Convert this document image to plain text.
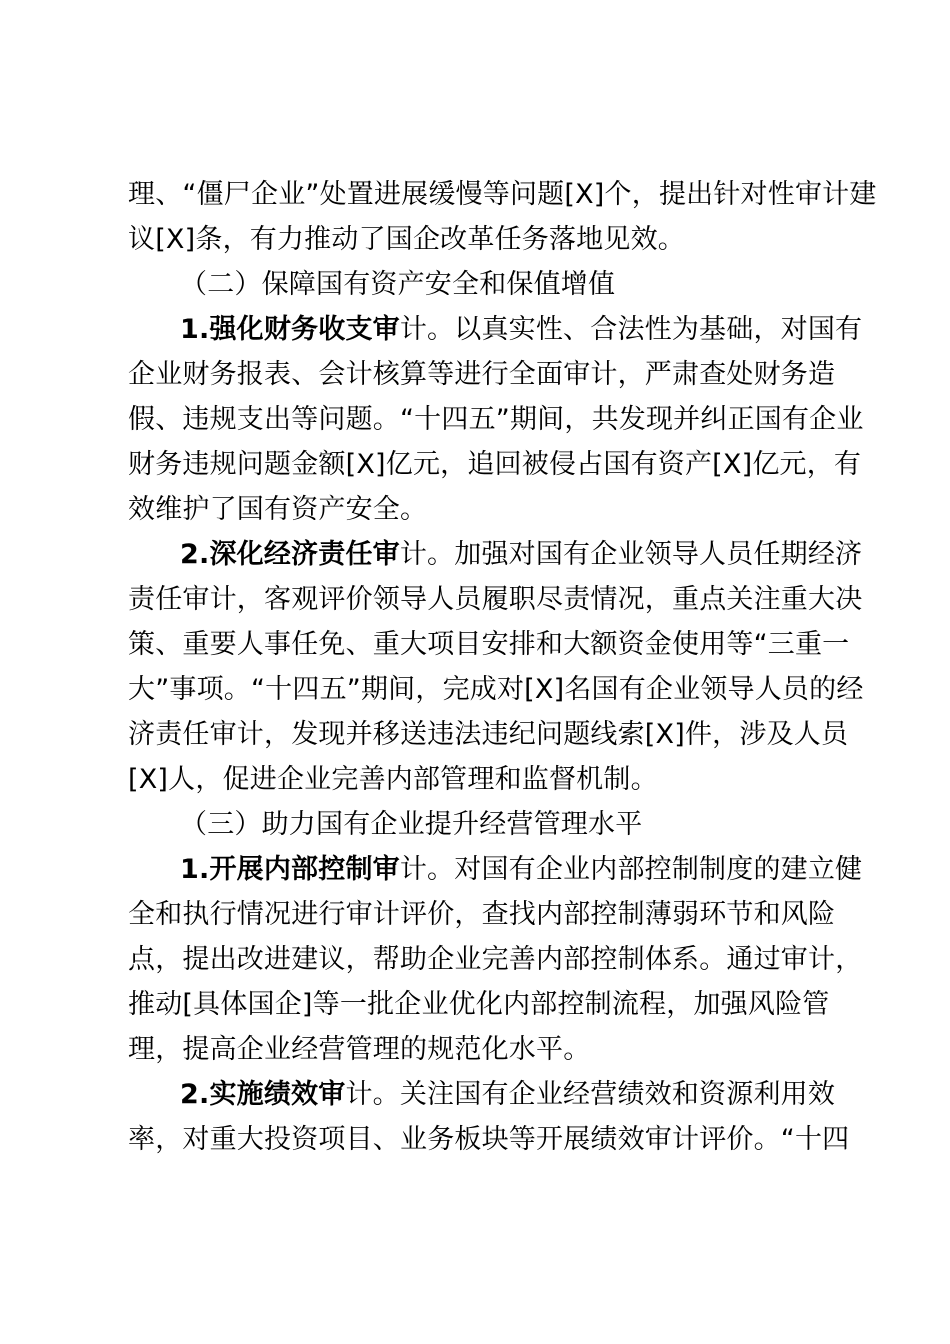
理、“僵尸企业”处置进展缓慢等问题[X]个，提出针对性审计建
议[X]条，有力推动了国企改革任务落地见效。
（二）保障国有资产安全和保值增值
1.强化财务收支审计。以真实性、合法性为基础，对国有
企业财务报表、会计核算等进行全面审计，严肃查处财务造
假、违规支出等问题。“十四五”期间，共发现并纠正国有企业
财务违规问题金额[X]亿元，追回被侵占国有资产[X]亿元，有
效维护了国有资产安全。
2.深化经济责任审计。加强对国有企业领导人员任期经济
责任审计，客观评价领导人员履职尽责情况，重点关注重大决
策、重要人事任免、重大项目安排和大额资金使用等“三重一
大”事项。“十四五”期间，完成对[X]名国有企业领导人员的经
济责任审计，发现并移送违法违纪问题线索[X]件，涉及人员
[X]人，促进企业完善内部管理和监督机制。
（三）助力国有企业提升经营管理水平
1.开展内部控制审计。对国有企业内部控制制度的建立健
全和执行情况进行审计评价，查找内部控制薄弱环节和风险
点，提出改进建议，帮助企业完善内部控制体系。通过审计，
推动[具体国企]等一批企业优化内部控制流程，加强风险管
理，提高企业经营管理的规范化水平。
2.实施绩效审计。关注国有企业经营绩效和资源利用效
率，对重大投资项目、业务板块等开展绩效审计评价。“十四
